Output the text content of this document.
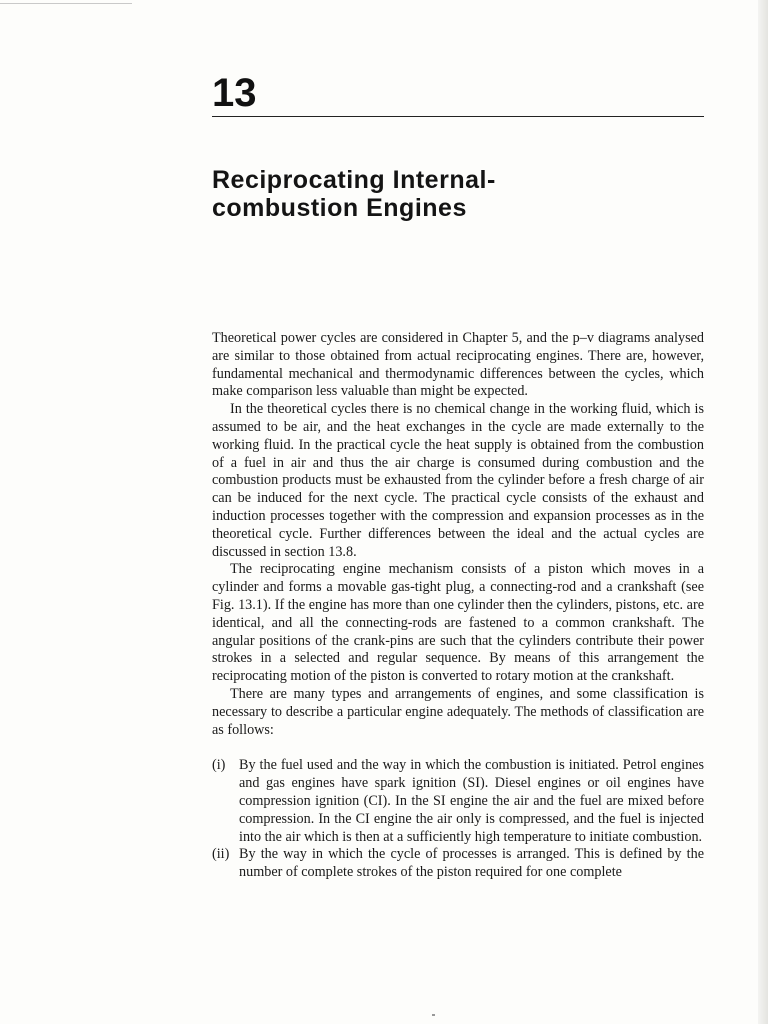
13
Reciprocating Internal-
combustion Engines

Theoretical power cycles are considered in Chapter 5, and the p–v diagrams analysed are similar to those obtained from actual reciprocating engines. There are, however, fundamental mechanical and thermodynamic differences between the cycles, which make comparison less valuable than might be expected.

In the theoretical cycles there is no chemical change in the working fluid, which is assumed to be air, and the heat exchanges in the cycle are made externally to the working fluid. In the practical cycle the heat supply is obtained from the combustion of a fuel in air and thus the air charge is consumed during combustion and the combustion products must be exhausted from the cylinder before a fresh charge of air can be induced for the next cycle. The practical cycle consists of the exhaust and induction processes together with the compression and expansion processes as in the theoretical cycle. Further differences between the ideal and the actual cycles are discussed in section 13.8.

The reciprocating engine mechanism consists of a piston which moves in a cylinder and forms a movable gas-tight plug, a connecting-rod and a crankshaft (see Fig. 13.1). If the engine has more than one cylinder then the cylinders, pistons, etc. are identical, and all the connecting-rods are fastened to a common crankshaft. The angular positions of the crank-pins are such that the cylinders contribute their power strokes in a selected and regular sequence. By means of this arrangement the reciprocating motion of the piston is converted to rotary motion at the crankshaft.

There are many types and arrangements of engines, and some classification is necessary to describe a particular engine adequately. The methods of classification are as follows:

(i) By the fuel used and the way in which the combustion is initiated. Petrol engines and gas engines have spark ignition (SI). Diesel engines or oil engines have compression ignition (CI). In the SI engine the air and the fuel are mixed before compression. In the CI engine the air only is compressed, and the fuel is injected into the air which is then at a sufficiently high temperature to initiate combustion.
(ii) By the way in which the cycle of processes is arranged. This is defined by the number of complete strokes of the piston required for one complete
